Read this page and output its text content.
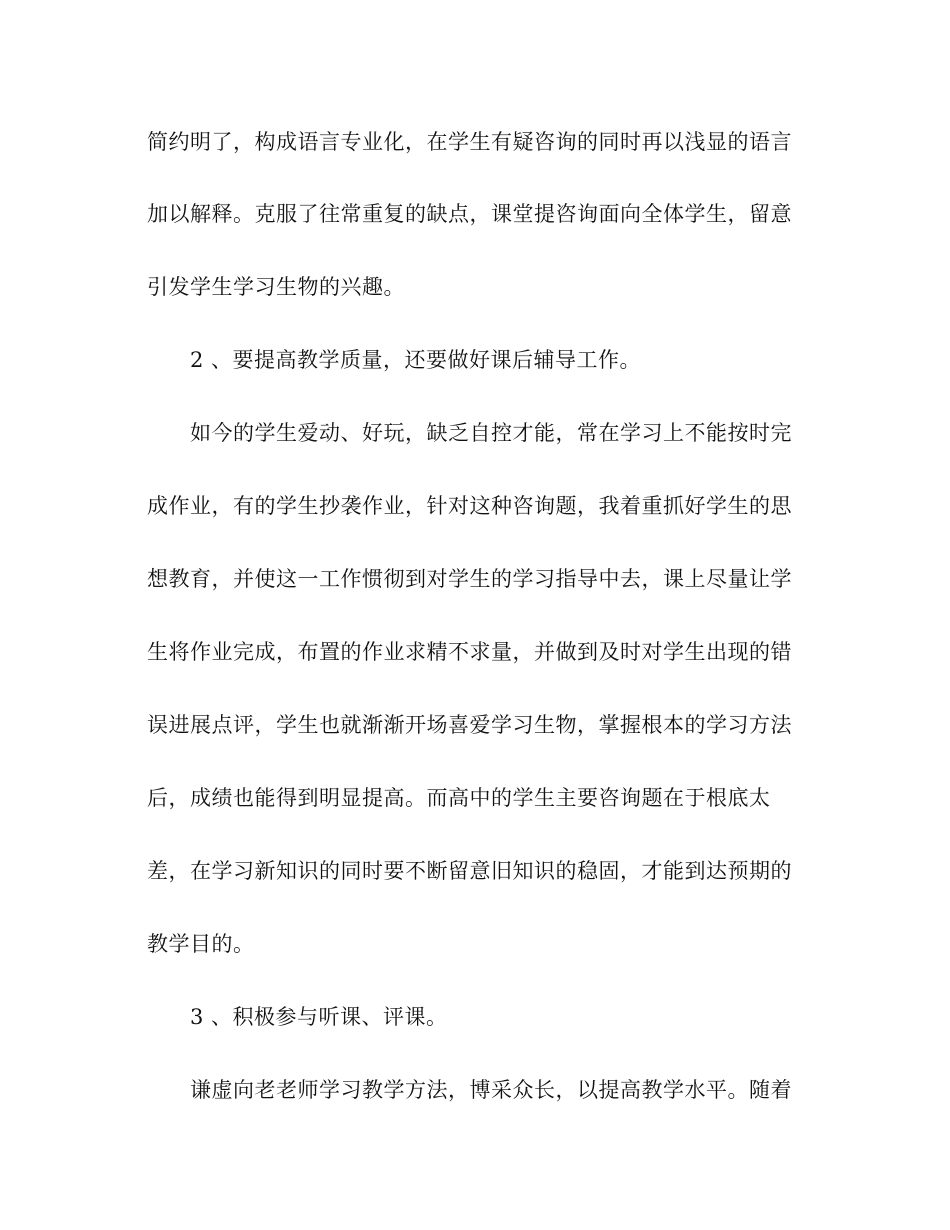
简约明了，构成语言专业化，在学生有疑咨询的同时再以浅显的语言
加以解释。克服了往常重复的缺点，课堂提咨询面向全体学生，留意
引发学生学习生物的兴趣。
2 、要提高教学质量，还要做好课后辅导工作。
如今的学生爱动、好玩，缺乏自控才能，常在学习上不能按时完
成作业，有的学生抄袭作业，针对这种咨询题，我着重抓好学生的思
想教育，并使这一工作惯彻到对学生的学习指导中去，课上尽量让学
生将作业完成，布置的作业求精不求量，并做到及时对学生出现的错
误进展点评，学生也就渐渐开场喜爱学习生物，掌握根本的学习方法
后，成绩也能得到明显提高。而高中的学生主要咨询题在于根底太
差，在学习新知识的同时要不断留意旧知识的稳固，才能到达预期的
教学目的。
3 、积极参与听课、评课。
谦虚向老老师学习教学方法，博采众长，以提高教学水平。随着
